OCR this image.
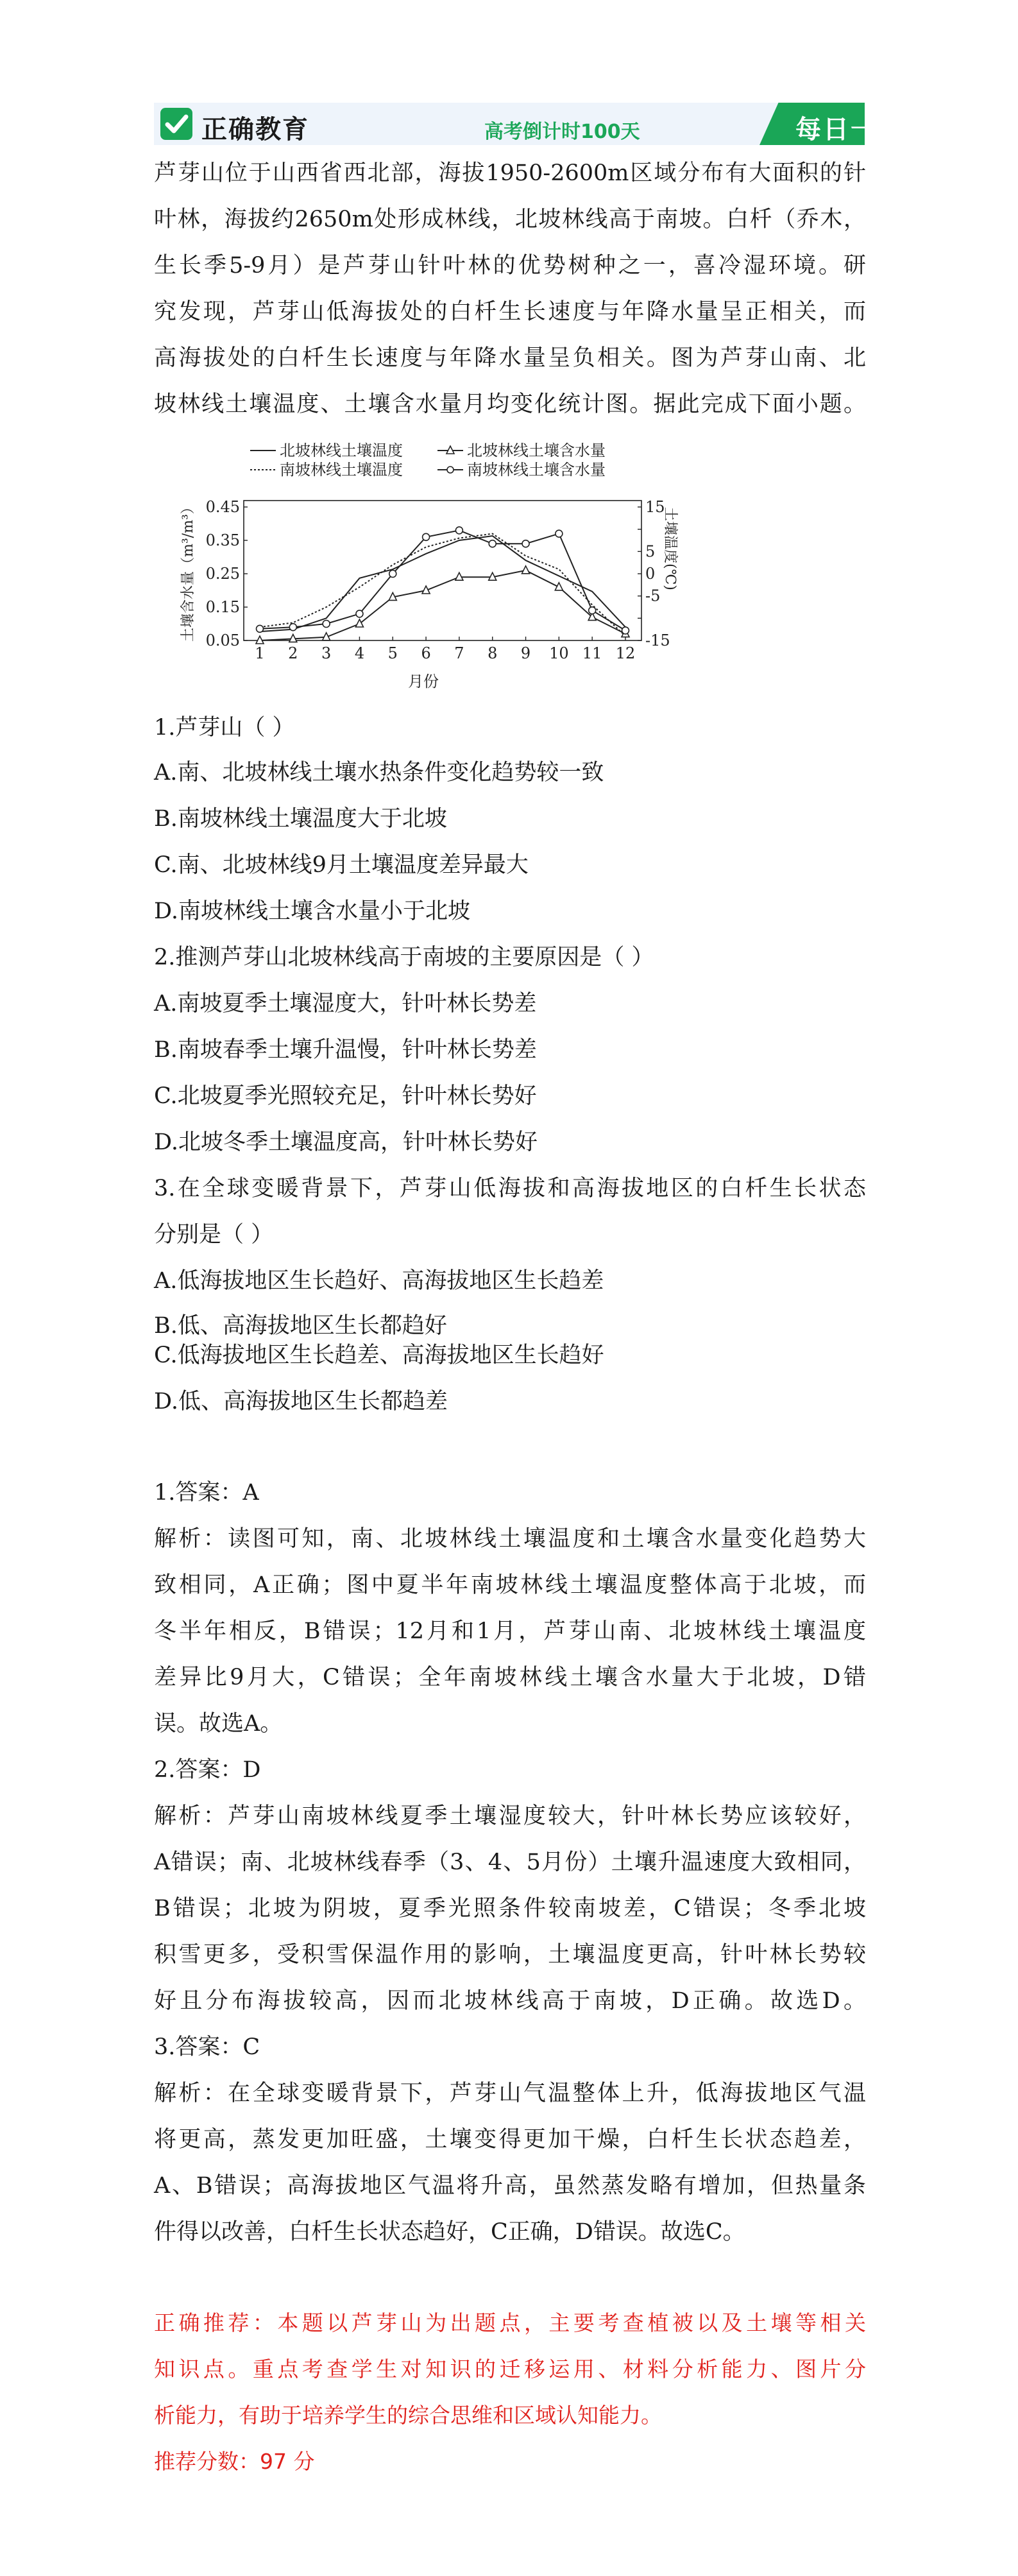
正确教育	高考倒计时100天	每日一题
芦芽山位于山西省西北部，海拔1950-2600m区域分布有大面积的针
叶林，海拔约2650m处形成林线，北坡林线高于南坡。白杄（乔木，
生长季5-9月）是芦芽山针叶林的优势树种之一，喜冷湿环境。研
究发现，芦芽山低海拔处的白杄生长速度与年降水量呈正相关，而
高海拔处的白杄生长速度与年降水量呈负相关。图为芦芽山南、北
坡林线土壤温度、土壤含水量月均变化统计图。据此完成下面小题。
北坡林线土壤温度
南坡林线土壤温度
北坡林线土壤含水量
南坡林线土壤含水量
土壤含水量（m³/m³）	土壤温度(℃)
月份
1 2 3 4 5 6 7 8 9 10 11 12
0.05
0.15
0.25
0.35
0.45
-15
-5
0
5
15
1.芦芽山（ ）
A.南、北坡林线土壤水热条件变化趋势较一致
B.南坡林线土壤温度大于北坡
C.南、北坡林线9月土壤温度差异最大
D.南坡林线土壤含水量小于北坡
2.推测芦芽山北坡林线高于南坡的主要原因是（ ）
A.南坡夏季土壤湿度大，针叶林长势差
B.南坡春季土壤升温慢，针叶林长势差
C.北坡夏季光照较充足，针叶林长势好
D.北坡冬季土壤温度高，针叶林长势好
3.在全球变暖背景下，芦芽山低海拔和高海拔地区的白杄生长状态
分别是（ ）
A.低海拔地区生长趋好、高海拔地区生长趋差
B.低、高海拔地区生长都趋好
C.低海拔地区生长趋差、高海拔地区生长趋好
D.低、高海拔地区生长都趋差
1.答案：A
解析：读图可知，南、北坡林线土壤温度和土壤含水量变化趋势大
致相同，A正确；图中夏半年南坡林线土壤温度整体高于北坡，而
冬半年相反，B错误；12月和1月，芦芽山南、北坡林线土壤温度
差异比9月大，C错误；全年南坡林线土壤含水量大于北坡，D错
误。故选A。
2.答案：D
解析：芦芽山南坡林线夏季土壤湿度较大，针叶林长势应该较好，
A错误；南、北坡林线春季（3、4、5月份）土壤升温速度大致相同，
B错误；北坡为阴坡，夏季光照条件较南坡差，C错误；冬季北坡
积雪更多，受积雪保温作用的影响，土壤温度更高，针叶林长势较
好且分布海拔较高，因而北坡林线高于南坡，D正确。故选D。
3.答案：C
解析：在全球变暖背景下，芦芽山气温整体上升，低海拔地区气温
将更高，蒸发更加旺盛，土壤变得更加干燥，白杄生长状态趋差，
A、B错误；高海拔地区气温将升高，虽然蒸发略有增加，但热量条
件得以改善，白杄生长状态趋好，C正确，D错误。故选C。
正确推荐：本题以芦芽山为出题点，主要考查植被以及土壤等相关
知识点。重点考查学生对知识的迁移运用、材料分析能力、图片分
析能力，有助于培养学生的综合思维和区域认知能力。
推荐分数：97 分
